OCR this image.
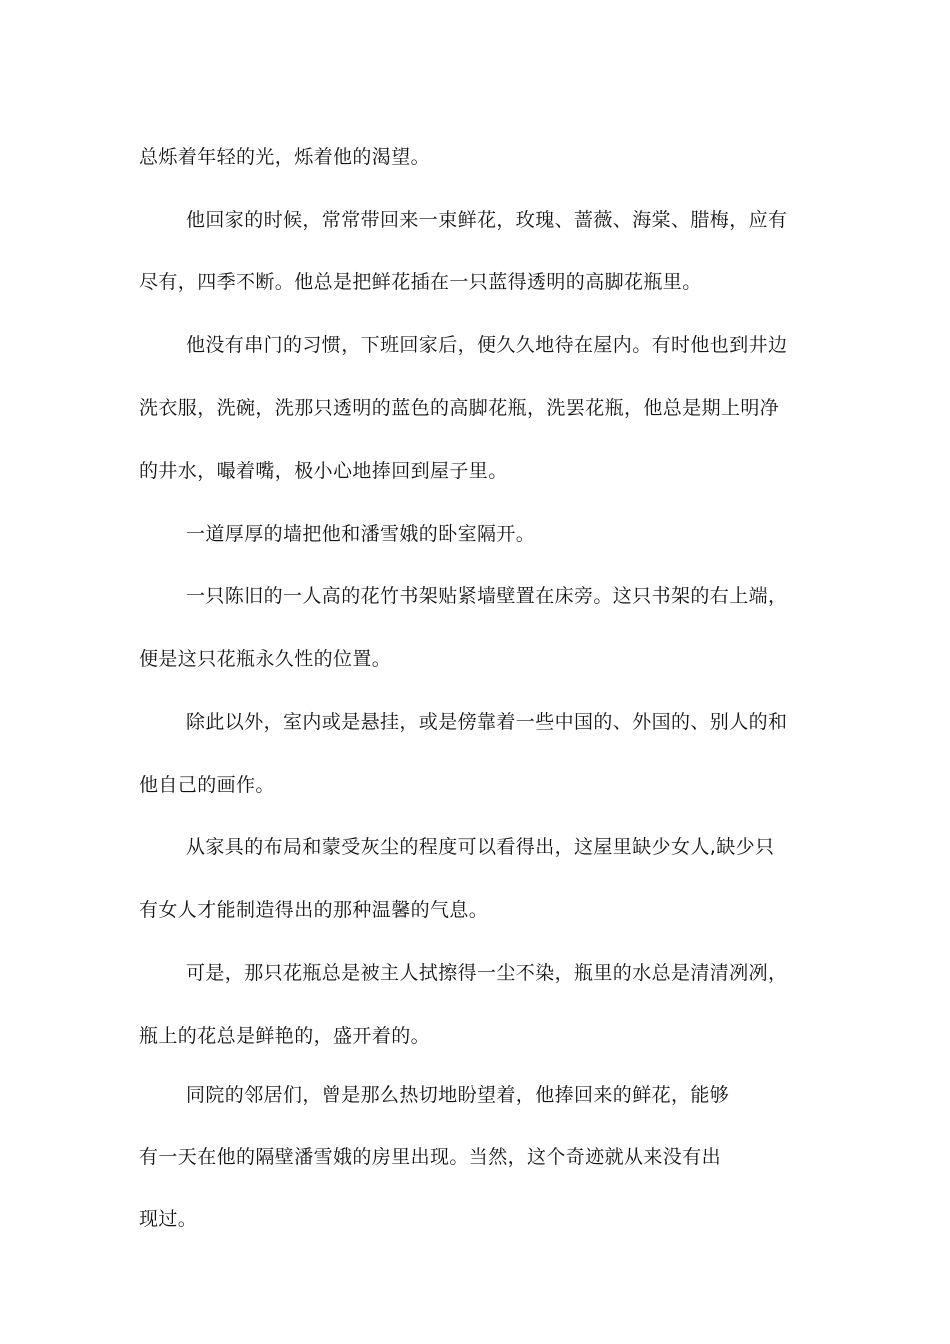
总烁着年轻的光，烁着他的渴望。
他回家的时候，常常带回来一束鲜花，玫瑰、蔷薇、海棠、腊梅，应有
尽有，四季不断。他总是把鲜花插在一只蓝得透明的高脚花瓶里。
他没有串门的习惯，下班回家后，便久久地待在屋内。有时他也到井边
洗衣服，洗碗，洗那只透明的蓝色的高脚花瓶，洗罢花瓶，他总是期上明净
的井水，嘬着嘴，极小心地捧回到屋子里。
一道厚厚的墙把他和潘雪娥的卧室隔开。
一只陈旧的一人高的花竹书架贴紧墙壁置在床旁。这只书架的右上端，
便是这只花瓶永久性的位置。
除此以外，室内或是悬挂，或是傍靠着一些中国的、外国的、别人的和
他自己的画作。
从家具的布局和蒙受灰尘的程度可以看得出，这屋里缺少女人,缺少只
有女人才能制造得出的那种温馨的气息。
可是，那只花瓶总是被主人拭擦得一尘不染，瓶里的水总是清清冽冽，
瓶上的花总是鲜艳的，盛开着的。
同院的邻居们，曾是那么热切地盼望着，他捧回来的鲜花，能够
有一天在他的隔壁潘雪娥的房里出现。当然，这个奇迹就从来没有出
现过。
